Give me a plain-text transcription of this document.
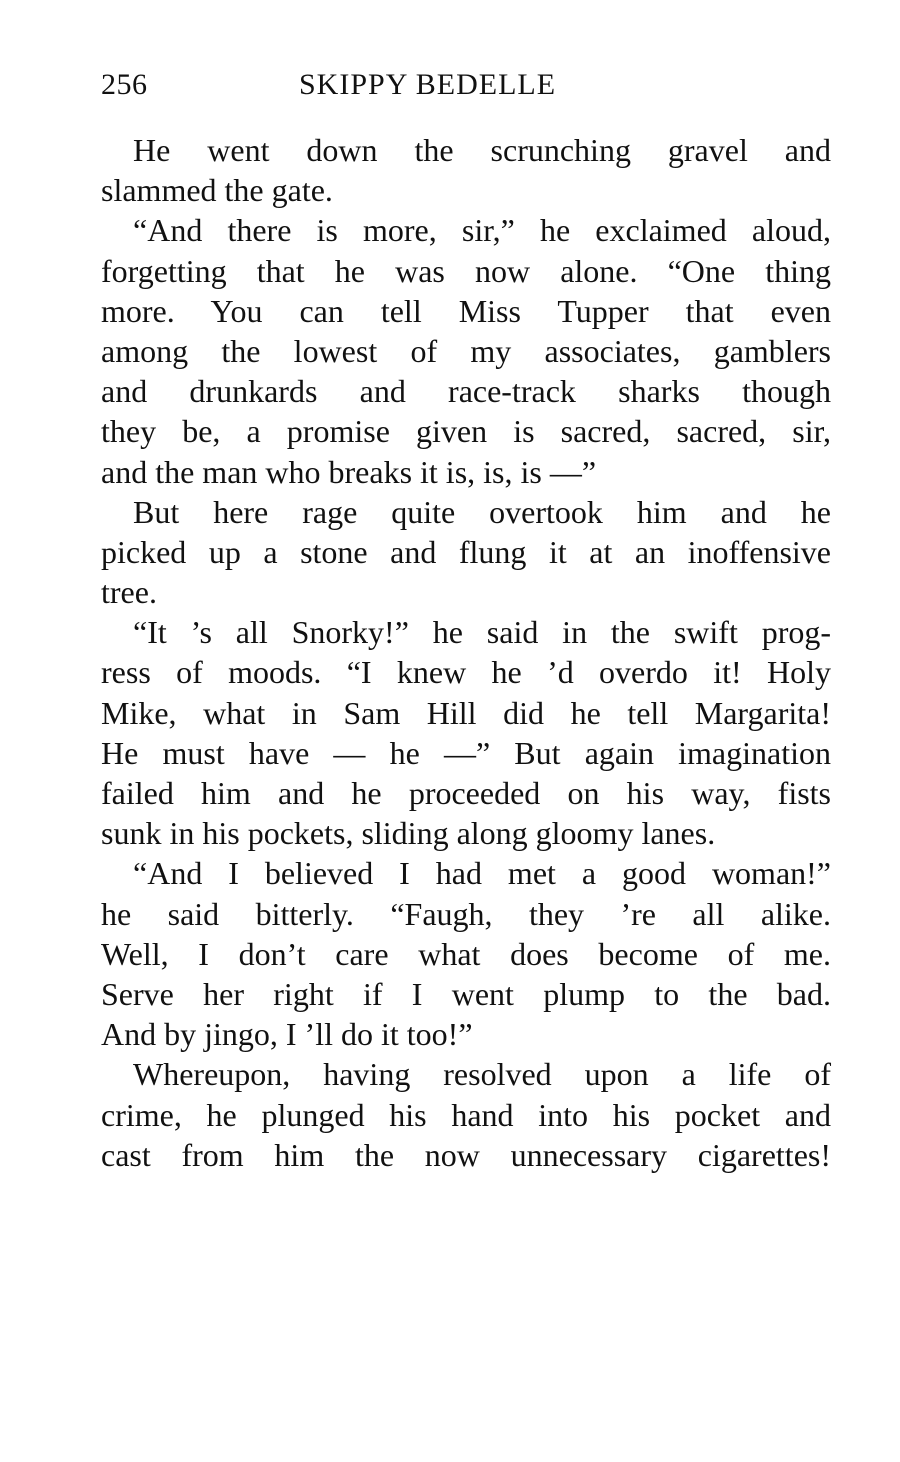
256	SKIPPY BEDELLE
He went down the scrunching gravel and
slammed the gate.
“And there is more, sir,” he exclaimed aloud,
forgetting that he was now alone. “One thing
more. You can tell Miss Tupper that even
among the lowest of my associates, gamblers
and drunkards and race-track sharks though
they be, a promise given is sacred, sacred, sir,
and the man who breaks it is, is, is —”
But here rage quite overtook him and he
picked up a stone and flung it at an inoffensive
tree.
“It ’s all Snorky!” he said in the swift prog-
ress of moods. “I knew he ’d overdo it! Holy
Mike, what in Sam Hill did he tell Margarita!
He must have — he —” But again imagination
failed him and he proceeded on his way, fists
sunk in his pockets, sliding along gloomy lanes.
“And I believed I had met a good woman!”
he said bitterly. “Faugh, they ’re all alike.
Well, I don’t care what does become of me.
Serve her right if I went plump to the bad.
And by jingo, I ’ll do it too!”
Whereupon, having resolved upon a life of
crime, he plunged his hand into his pocket and
cast from him the now unnecessary cigarettes!
